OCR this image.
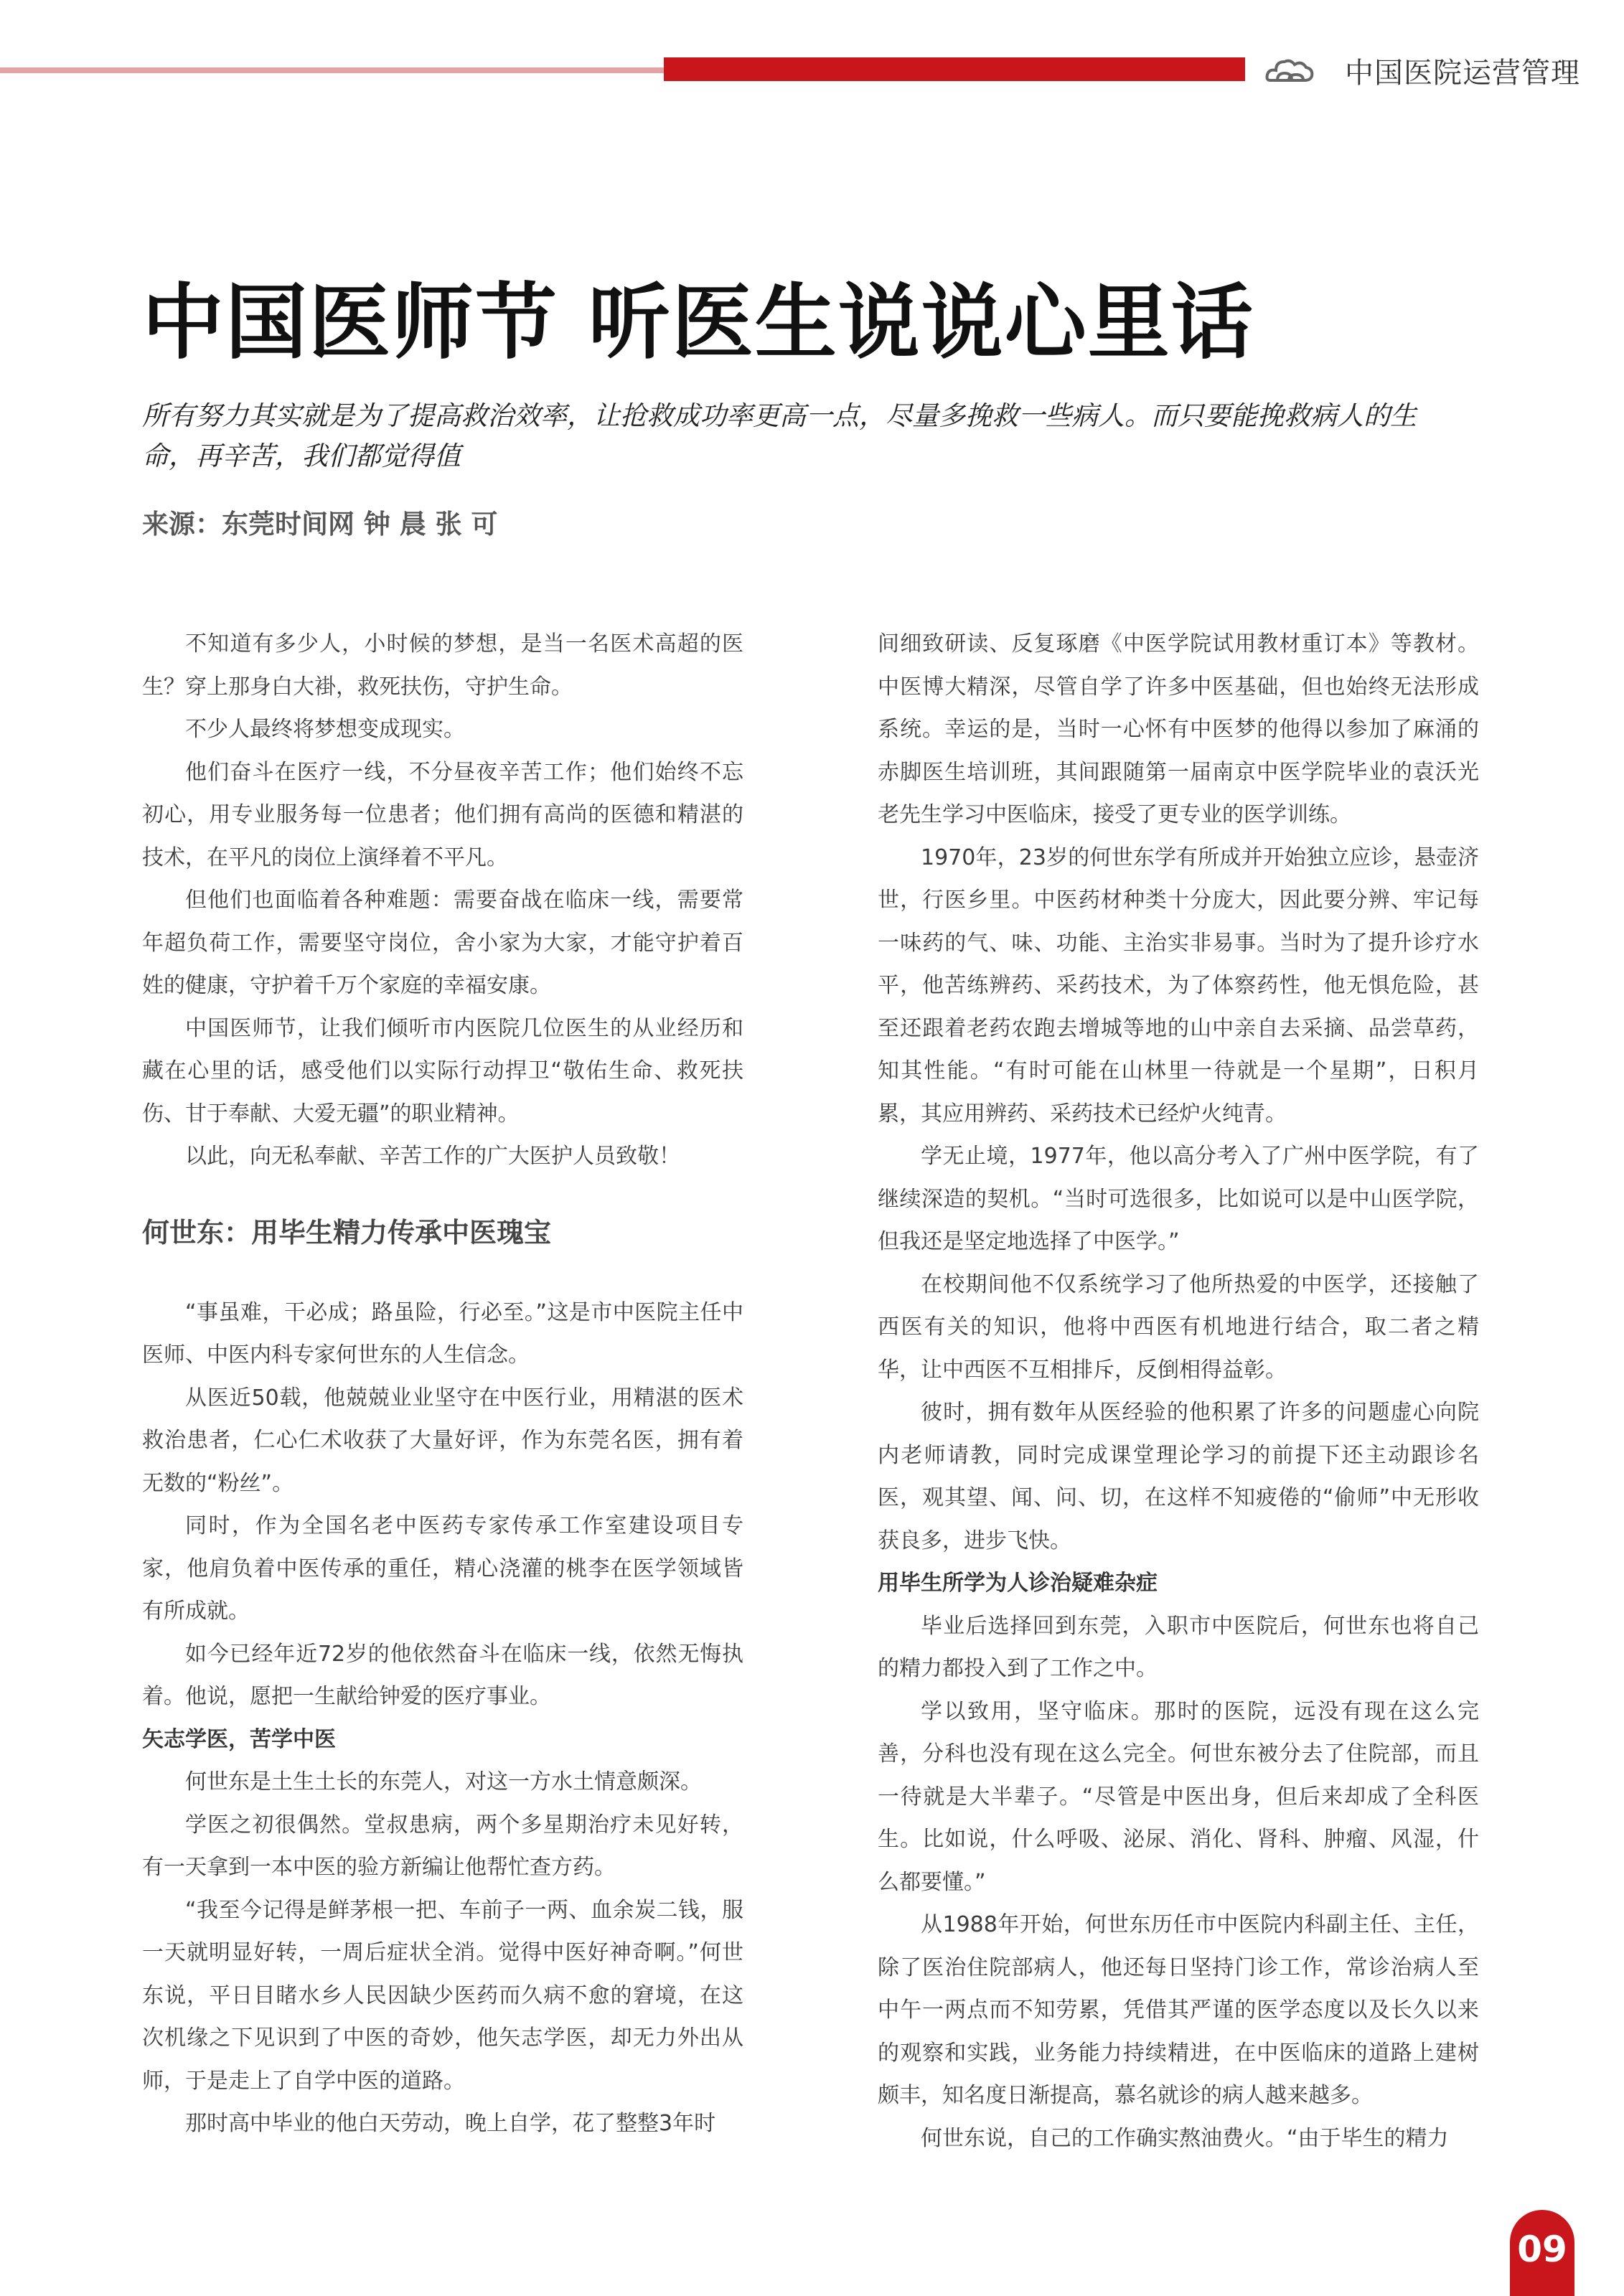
中国医院运营管理
中国医师节 听医生说说心里话
所有努力其实就是为了提高救治效率，让抢救成功率更高一点，尽量多挽救一些病人。而只要能挽救病人的生命，再辛苦，我们都觉得值
来源：东莞时间网 钟 晨 张 可

不知道有多少人，小时候的梦想，是当一名医术高超的医生？穿上那身白大褂，救死扶伤，守护生命。

不少人最终将梦想变成现实。

他们奋斗在医疗一线，不分昼夜辛苦工作；他们始终不忘初心，用专业服务每一位患者；他们拥有高尚的医德和精湛的技术，在平凡的岗位上演绎着不平凡。

但他们也面临着各种难题：需要奋战在临床一线，需要常年超负荷工作，需要坚守岗位，舍小家为大家，才能守护着百姓的健康，守护着千万个家庭的幸福安康。

中国医师节，让我们倾听市内医院几位医生的从业经历和藏在心里的话，感受他们以实际行动捍卫“敬佑生命、救死扶伤、甘于奉献、大爱无疆”的职业精神。

以此，向无私奉献、辛苦工作的广大医护人员致敬！

何世东：用毕生精力传承中医瑰宝

“事虽难，干必成；路虽险，行必至。”这是市中医院主任中医师、中医内科专家何世东的人生信念。

从医近50载，他兢兢业业坚守在中医行业，用精湛的医术救治患者，仁心仁术收获了大量好评，作为东莞名医，拥有着无数的“粉丝”。

同时，作为全国名老中医药专家传承工作室建设项目专家，他肩负着中医传承的重任，精心浇灌的桃李在医学领域皆有所成就。

如今已经年近72岁的他依然奋斗在临床一线，依然无悔执着。他说，愿把一生献给钟爱的医疗事业。

矢志学医，苦学中医

何世东是土生土长的东莞人，对这一方水土情意颇深。

学医之初很偶然。堂叔患病，两个多星期治疗未见好转，有一天拿到一本中医的验方新编让他帮忙查方药。

“我至今记得是鲜茅根一把、车前子一两、血余炭二钱，服一天就明显好转，一周后症状全消。觉得中医好神奇啊。”何世东说，平日目睹水乡人民因缺少医药而久病不愈的窘境，在这次机缘之下见识到了中医的奇妙，他矢志学医，却无力外出从师，于是走上了自学中医的道路。

那时高中毕业的他白天劳动，晚上自学，花了整整3年时

间细致研读、反复琢磨《中医学院试用教材重订本》等教材。中医博大精深，尽管自学了许多中医基础，但也始终无法形成系统。幸运的是，当时一心怀有中医梦的他得以参加了麻涌的赤脚医生培训班，其间跟随第一届南京中医学院毕业的袁沃光老先生学习中医临床，接受了更专业的医学训练。

1970年，23岁的何世东学有所成并开始独立应诊，悬壶济世，行医乡里。中医药材种类十分庞大，因此要分辨、牢记每一味药的气、味、功能、主治实非易事。当时为了提升诊疗水平，他苦练辨药、采药技术，为了体察药性，他无惧危险，甚至还跟着老药农跑去增城等地的山中亲自去采摘、品尝草药，知其性能。“有时可能在山林里一待就是一个星期”，日积月累，其应用辨药、采药技术已经炉火纯青。

学无止境，1977年，他以高分考入了广州中医学院，有了继续深造的契机。“当时可选很多，比如说可以是中山医学院，但我还是坚定地选择了中医学。”

在校期间他不仅系统学习了他所热爱的中医学，还接触了西医有关的知识，他将中西医有机地进行结合，取二者之精华，让中西医不互相排斥，反倒相得益彰。

彼时，拥有数年从医经验的他积累了许多的问题虚心向院内老师请教，同时完成课堂理论学习的前提下还主动跟诊名医，观其望、闻、问、切，在这样不知疲倦的“偷师”中无形收获良多，进步飞快。

用毕生所学为人诊治疑难杂症

毕业后选择回到东莞，入职市中医院后，何世东也将自己的精力都投入到了工作之中。

学以致用，坚守临床。那时的医院，远没有现在这么完善，分科也没有现在这么完全。何世东被分去了住院部，而且一待就是大半辈子。“尽管是中医出身，但后来却成了全科医生。比如说，什么呼吸、泌尿、消化、肾科、肿瘤、风湿，什么都要懂。”

从1988年开始，何世东历任市中医院内科副主任、主任，除了医治住院部病人，他还每日坚持门诊工作，常诊治病人至中午一两点而不知劳累，凭借其严谨的医学态度以及长久以来的观察和实践，业务能力持续精进，在中医临床的道路上建树颇丰，知名度日渐提高，慕名就诊的病人越来越多。

何世东说，自己的工作确实熬油费火。“由于毕生的精力

09
